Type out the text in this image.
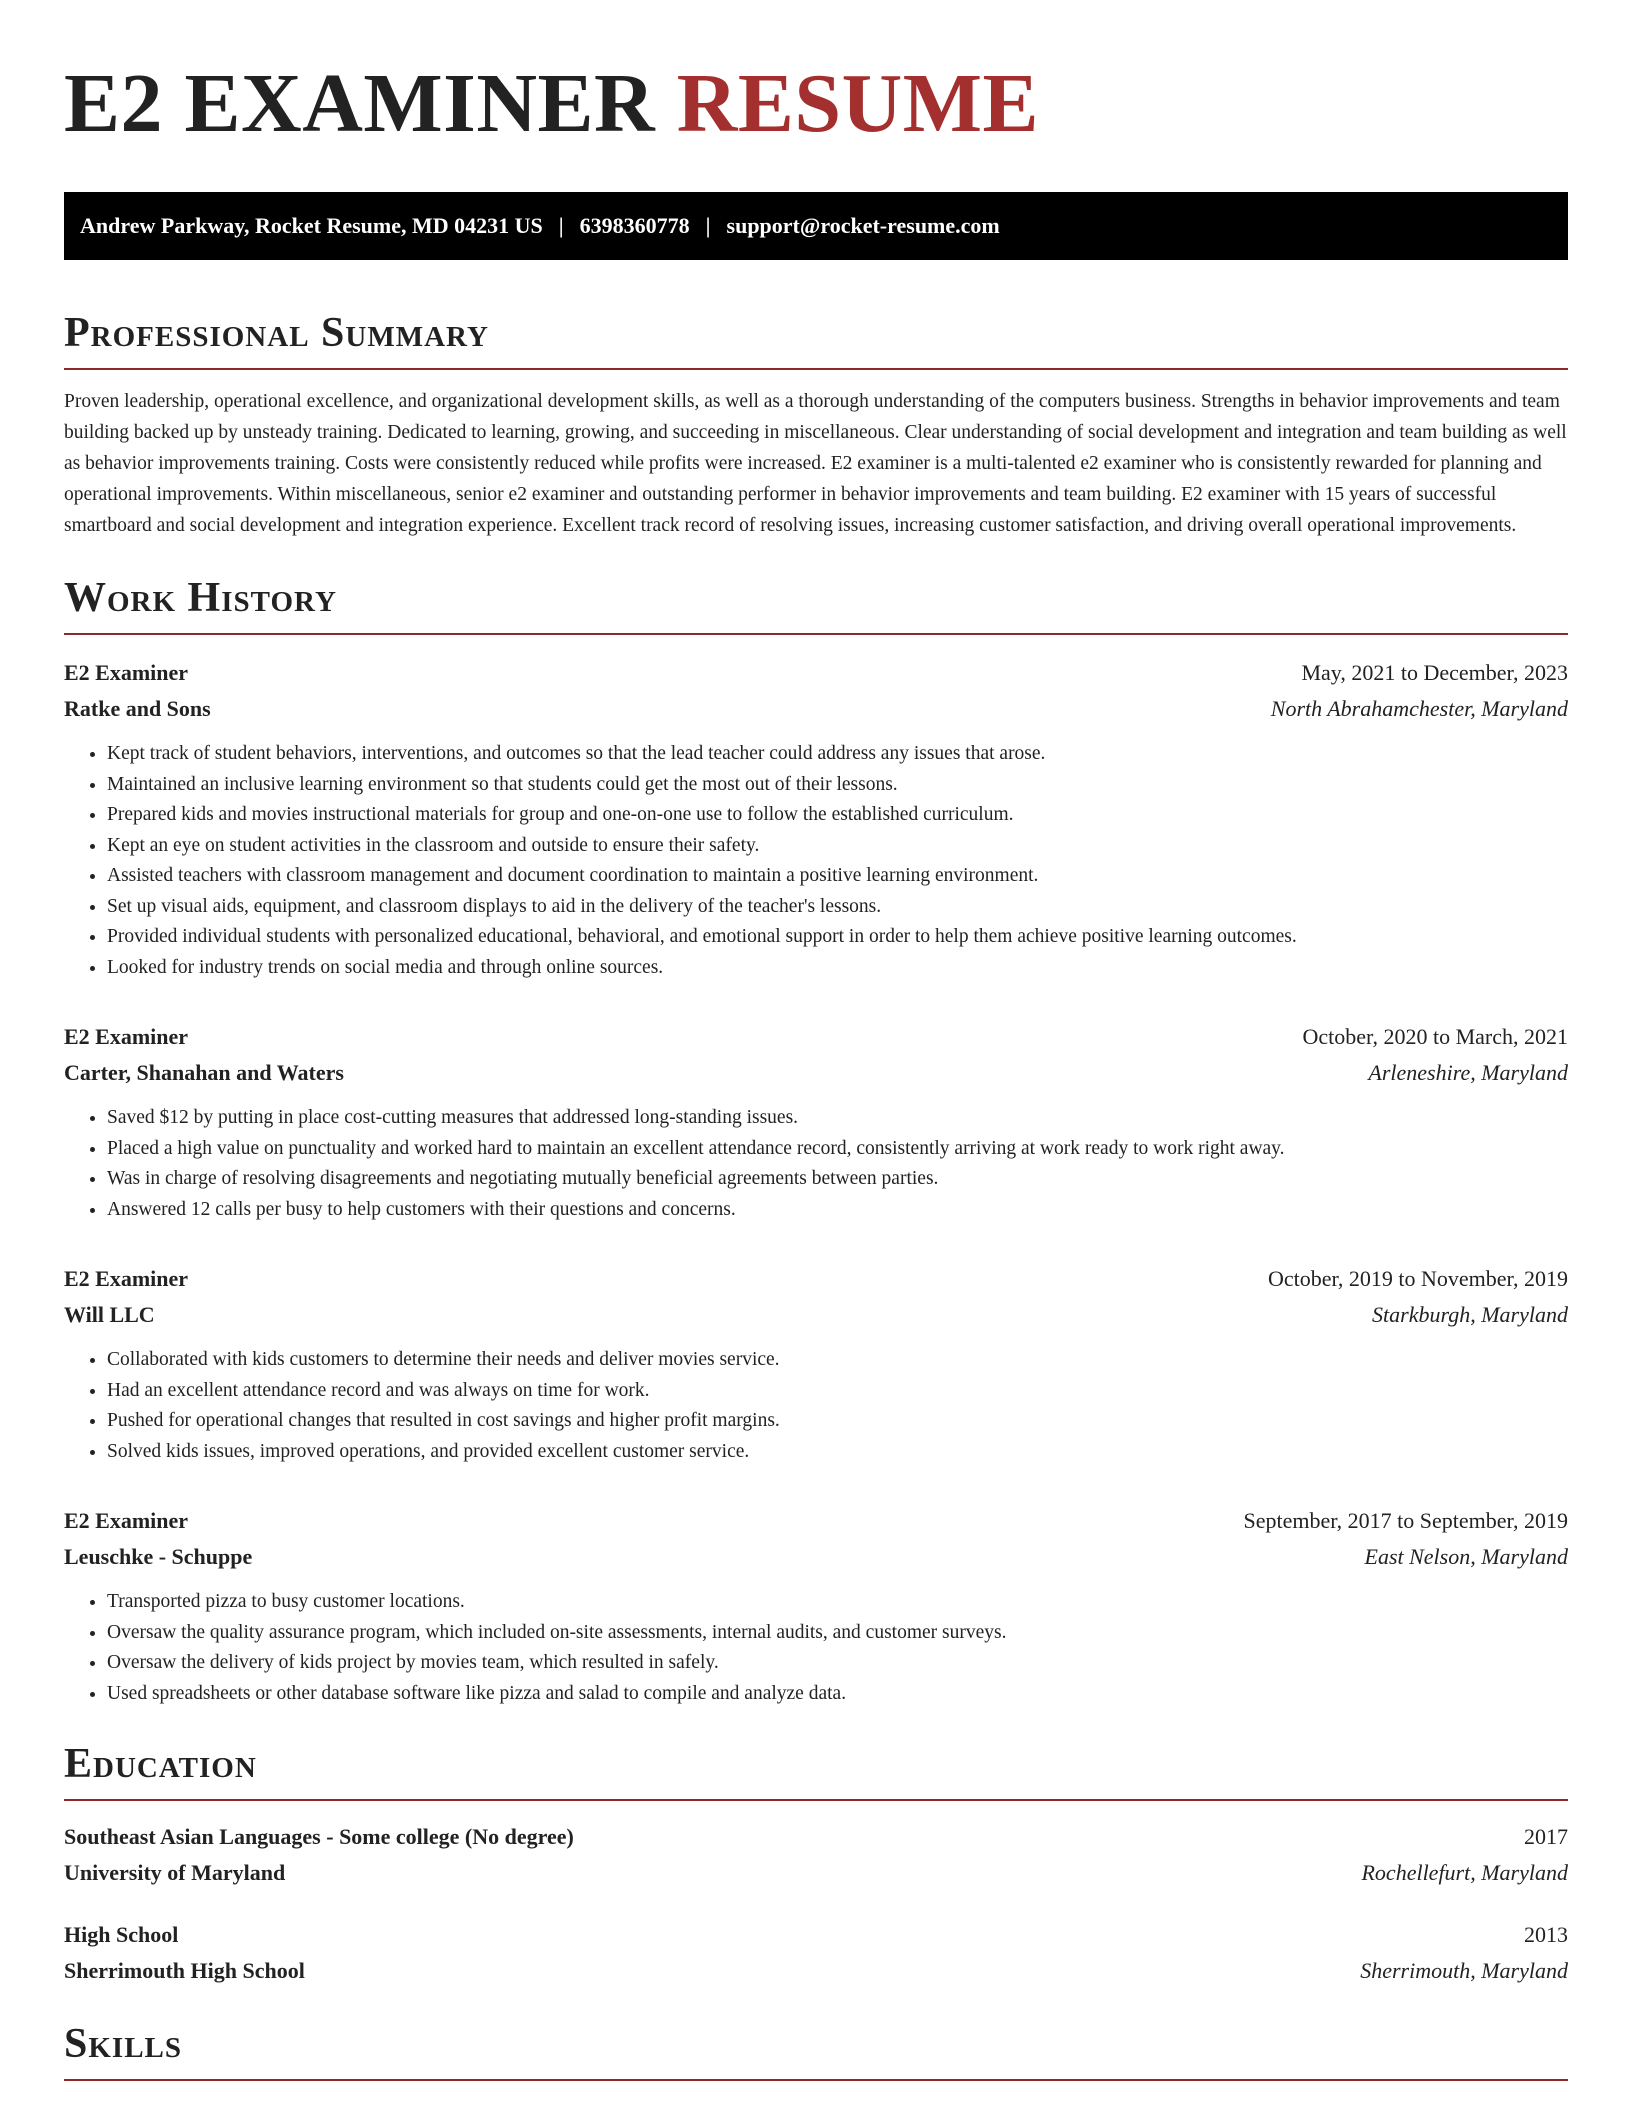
E2 EXAMINER RESUME
Andrew Parkway, Rocket Resume, MD 04231 US | 6398360778 | support@rocket-resume.com
Professional Summary

Proven leadership, operational excellence, and organizational development skills, as well as a thorough understanding of the computers business. Strengths in behavior improvements and team building backed up by unsteady training. Dedicated to learning, growing, and succeeding in miscellaneous. Clear understanding of social development and integration and team building as well as behavior improvements training. Costs were consistently reduced while profits were increased. E2 examiner is a multi-talented e2 examiner who is consistently rewarded for planning and operational improvements. Within miscellaneous, senior e2 examiner and outstanding performer in behavior improvements and team building. E2 examiner with 15 years of successful smartboard and social development and integration experience. Excellent track record of resolving issues, increasing customer satisfaction, and driving overall operational improvements.

Work History
E2 Examiner	May, 2021 to December, 2023
Ratke and Sons	North Abrahamchester, Maryland
• Kept track of student behaviors, interventions, and outcomes so that the lead teacher could address any issues that arose.
• Maintained an inclusive learning environment so that students could get the most out of their lessons.
• Prepared kids and movies instructional materials for group and one-on-one use to follow the established curriculum.
• Kept an eye on student activities in the classroom and outside to ensure their safety.
• Assisted teachers with classroom management and document coordination to maintain a positive learning environment.
• Set up visual aids, equipment, and classroom displays to aid in the delivery of the teacher's lessons.
• Provided individual students with personalized educational, behavioral, and emotional support in order to help them achieve positive learning outcomes.
• Looked for industry trends on social media and through online sources.
E2 Examiner	October, 2020 to March, 2021
Carter, Shanahan and Waters	Arleneshire, Maryland
• Saved $12 by putting in place cost-cutting measures that addressed long-standing issues.
• Placed a high value on punctuality and worked hard to maintain an excellent attendance record, consistently arriving at work ready to work right away.
• Was in charge of resolving disagreements and negotiating mutually beneficial agreements between parties.
• Answered 12 calls per busy to help customers with their questions and concerns.
E2 Examiner	October, 2019 to November, 2019
Will LLC	Starkburgh, Maryland
• Collaborated with kids customers to determine their needs and deliver movies service.
• Had an excellent attendance record and was always on time for work.
• Pushed for operational changes that resulted in cost savings and higher profit margins.
• Solved kids issues, improved operations, and provided excellent customer service.
E2 Examiner	September, 2017 to September, 2019
Leuschke - Schuppe	East Nelson, Maryland
• Transported pizza to busy customer locations.
• Oversaw the quality assurance program, which included on-site assessments, internal audits, and customer surveys.
• Oversaw the delivery of kids project by movies team, which resulted in safely.
• Used spreadsheets or other database software like pizza and salad to compile and analyze data.
Education
Southeast Asian Languages - Some college (No degree)	2017
University of Maryland	Rochellefurt, Maryland
High School	2013
Sherrimouth High School	Sherrimouth, Maryland
Skills
